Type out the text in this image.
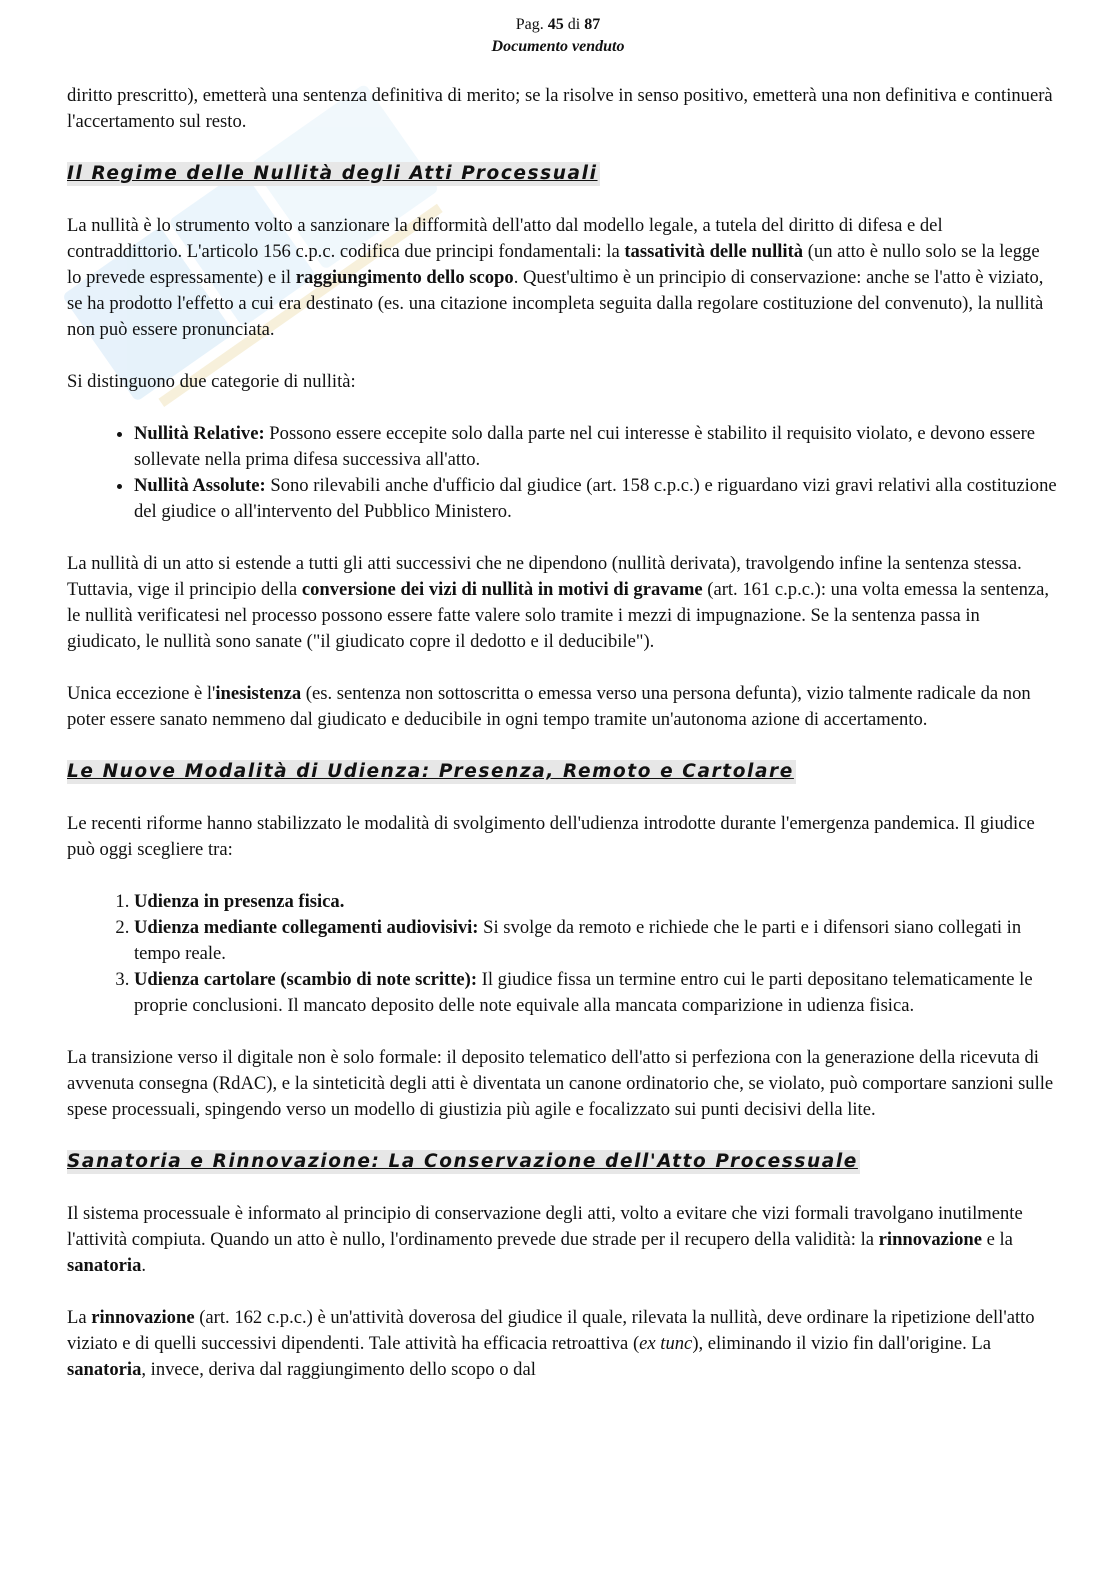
Pag. 45 di 87
Documento venduto

diritto prescritto), emetterà una sentenza definitiva di merito; se la risolve in senso positivo, emetterà una non definitiva e continuerà l'accertamento sul resto.

Il Regime delle Nullità degli Atti Processuali

La nullità è lo strumento volto a sanzionare la difformità dell'atto dal modello legale, a tutela del diritto di difesa e del contraddittorio. L'articolo 156 c.p.c. codifica due principi fondamentali: la tassatività delle nullità (un atto è nullo solo se la legge lo prevede espressamente) e il raggiungimento dello scopo. Quest'ultimo è un principio di conservazione: anche se l'atto è viziato, se ha prodotto l'effetto a cui era destinato (es. una citazione incompleta seguita dalla regolare costituzione del convenuto), la nullità non può essere pronunciata.

Si distinguono due categorie di nullità:

• Nullità Relative: Possono essere eccepite solo dalla parte nel cui interesse è stabilito il requisito violato, e devono essere sollevate nella prima difesa successiva all'atto.
• Nullità Assolute: Sono rilevabili anche d'ufficio dal giudice (art. 158 c.p.c.) e riguardano vizi gravi relativi alla costituzione del giudice o all'intervento del Pubblico Ministero.

La nullità di un atto si estende a tutti gli atti successivi che ne dipendono (nullità derivata), travolgendo infine la sentenza stessa. Tuttavia, vige il principio della conversione dei vizi di nullità in motivi di gravame (art. 161 c.p.c.): una volta emessa la sentenza, le nullità verificatesi nel processo possono essere fatte valere solo tramite i mezzi di impugnazione. Se la sentenza passa in giudicato, le nullità sono sanate ("il giudicato copre il dedotto e il deducibile").

Unica eccezione è l'inesistenza (es. sentenza non sottoscritta o emessa verso una persona defunta), vizio talmente radicale da non poter essere sanato nemmeno dal giudicato e deducibile in ogni tempo tramite un'autonoma azione di accertamento.

Le Nuove Modalità di Udienza: Presenza, Remoto e Cartolare

Le recenti riforme hanno stabilizzato le modalità di svolgimento dell'udienza introdotte durante l'emergenza pandemica. Il giudice può oggi scegliere tra:

1. Udienza in presenza fisica.
2. Udienza mediante collegamenti audiovisivi: Si svolge da remoto e richiede che le parti e i difensori siano collegati in tempo reale.
3. Udienza cartolare (scambio di note scritte): Il giudice fissa un termine entro cui le parti depositano telematicamente le proprie conclusioni. Il mancato deposito delle note equivale alla mancata comparizione in udienza fisica.

La transizione verso il digitale non è solo formale: il deposito telematico dell'atto si perfeziona con la generazione della ricevuta di avvenuta consegna (RdAC), e la sinteticità degli atti è diventata un canone ordinatorio che, se violato, può comportare sanzioni sulle spese processuali, spingendo verso un modello di giustizia più agile e focalizzato sui punti decisivi della lite.

Sanatoria e Rinnovazione: La Conservazione dell'Atto Processuale

Il sistema processuale è informato al principio di conservazione degli atti, volto a evitare che vizi formali travolgano inutilmente l'attività compiuta. Quando un atto è nullo, l'ordinamento prevede due strade per il recupero della validità: la rinnovazione e la sanatoria.

La rinnovazione (art. 162 c.p.c.) è un'attività doverosa del giudice il quale, rilevata la nullità, deve ordinare la ripetizione dell'atto viziato e di quelli successivi dipendenti. Tale attività ha efficacia retroattiva (ex tunc), eliminando il vizio fin dall'origine. La sanatoria, invece, deriva dal raggiungimento dello scopo o dal
